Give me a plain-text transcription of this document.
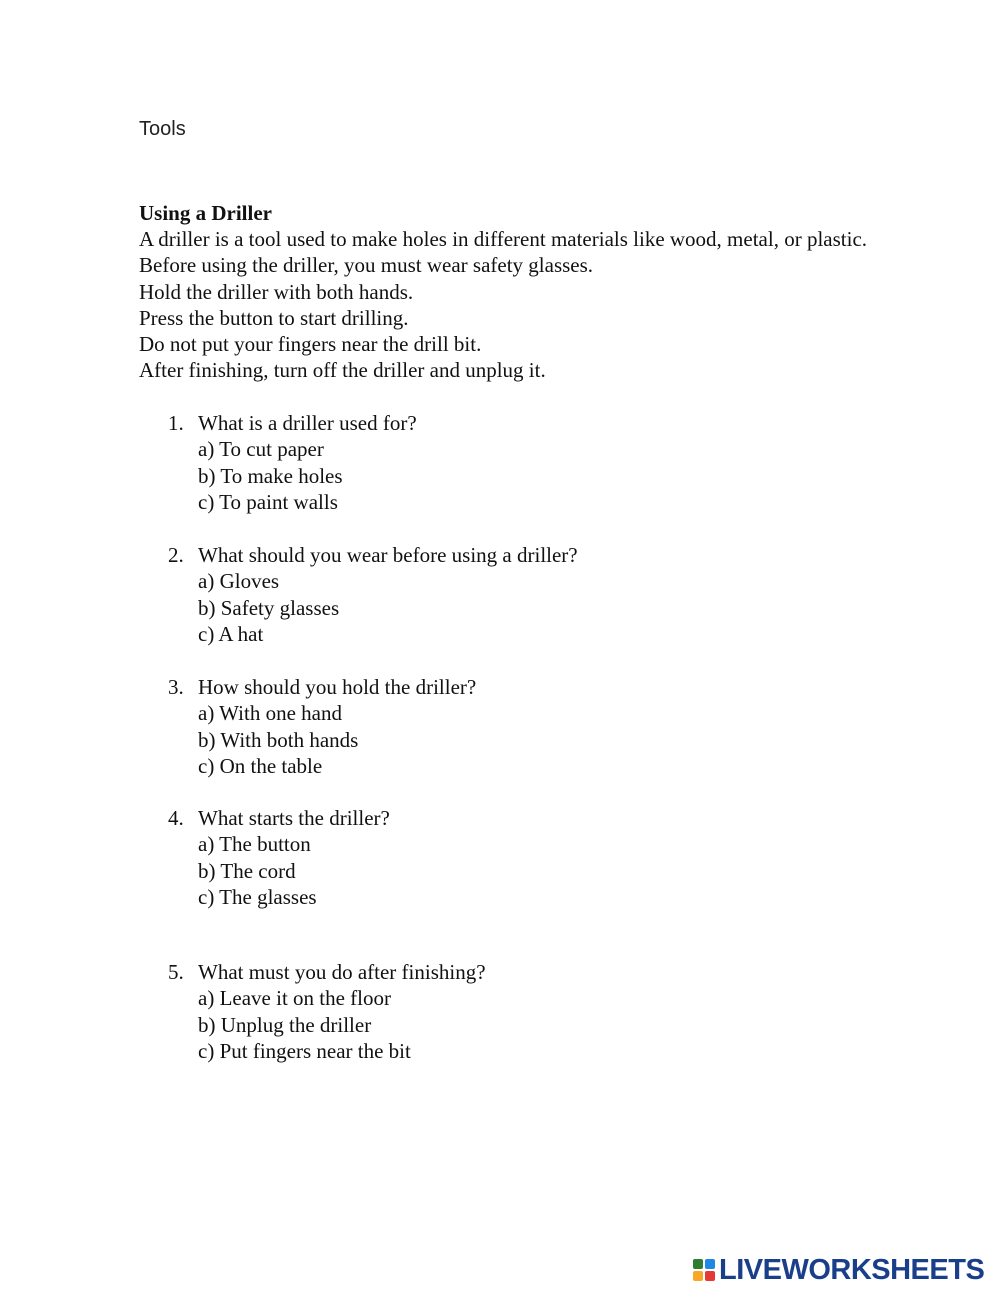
Tools
Using a Driller

A driller is a tool used to make holes in different materials like wood, metal, or plastic.

Before using the driller, you must wear safety glasses.

Hold the driller with both hands.

Press the button to start drilling.

Do not put your fingers near the drill bit.

After finishing, turn off the driller and unplug it.

1. What is a driller used for?
a) To cut paper
b) To make holes
c) To paint walls
2. What should you wear before using a driller?
a) Gloves
b) Safety glasses
c) A hat
3. How should you hold the driller?
a) With one hand
b) With both hands
c) On the table
4. What starts the driller?
a) The button
b) The cord
c) The glasses
5. What must you do after finishing?
a) Leave it on the floor
b) Unplug the driller
c) Put fingers near the bit
LIVEWORKSHEETS
